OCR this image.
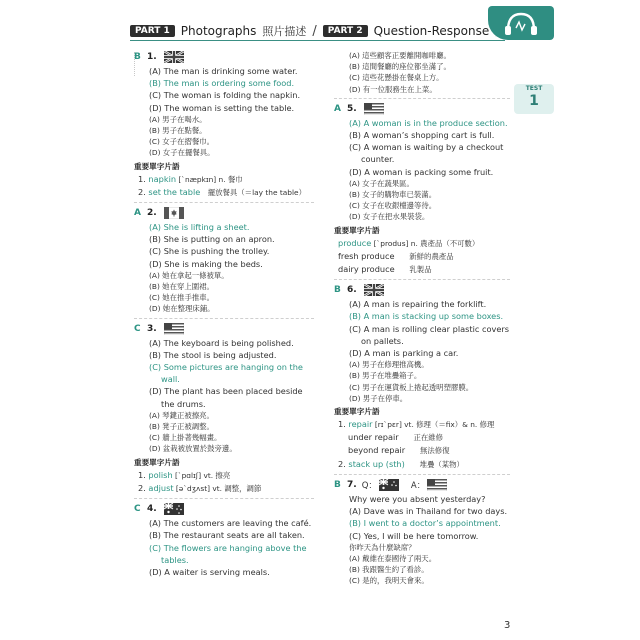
PART 1 Photographs 照片描述 /	PART 2 Question-Response
TEST
1
B 1.
(A) The man is drinking some water.
(B) The man is ordering some food.
(C) The woman is folding the napkin.
(D) The woman is setting the table.
(A) 男子在喝水。
(B) 男子在點餐。
(C) 女子在摺餐巾。
(D) 女子在擺餐具。
重要單字片語
1. napkin [ˋnæpkɪn] n. 餐巾
2. set the table　擺放餐具（＝lay the table）
A 2.
(A) She is lifting a sheet.
(B) She is putting on an apron.
(C) She is pushing the trolley.
(D) She is making the beds.
(A) 她在拿起一條被單。
(B) 她在穿上圍裙。
(C) 她在推手推車。
(D) 她在整理床鋪。
C 3.
(A) The keyboard is being polished.
(B) The stool is being adjusted.
(C) Some pictures are hanging on the
wall.
(D) The plant has been placed beside
the drums.
(A) 琴鍵正被擦亮。
(B) 凳子正被調整。
(C) 牆上掛著幾幅畫。
(D) 盆栽被放置於鼓旁邊。
重要單字片語
1. polish [ˋpɑlɪʃ] vt. 擦亮
2. adjust [əˋdʒʌst] vt. 調整，調節
C 4.
(A) The customers are leaving the café.
(B) The restaurant seats are all taken.
(C) The flowers are hanging above the
tables.
(D) A waiter is serving meals.
(A) 這些顧客正要離開咖啡廳。
(B) 這間餐廳的座位都坐滿了。
(C) 這些花懸掛在餐桌上方。
(D) 有一位服務生在上菜。
A 5.
(A) A woman is in the produce section.
(B) A woman’s shopping cart is full.
(C) A woman is waiting by a checkout
counter.
(D) A woman is packing some fruit.
(A) 女子在蔬果區。
(B) 女子的購物車已裝滿。
(C) 女子在收銀檯邊等待。
(D) 女子在把水果裝袋。
重要單字片語
produce [ˋprodus] n. 農產品（不可數）
fresh produce　　新鮮的農產品
dairy produce　　乳製品
B 6.
(A) A man is repairing the forklift.
(B) A man is stacking up some boxes.
(C) A man is rolling clear plastic covers
on pallets.
(D) A man is parking a car.
(A) 男子在修理推高機。
(B) 男子在堆疊箱子。
(C) 男子在運貨板上捲起透明塑膠膜。
(D) 男子在停車。
重要單字片語
1. repair [rɪˋpɛr] vt. 修理（＝fix）& n. 修理
under repair　　正在維修
beyond repair　　無法修復
2. stack up (sth)　　堆疊（某物）
B 7. Q：	A：
Why were you absent yesterday?
(A) Dave was in Thailand for two days.
(B) I went to a doctor’s appointment.
(C) Yes, I will be here tomorrow.
你昨天為什麼缺席？
(A) 戴維在泰國待了兩天。
(B) 我跟醫生約了看診。
(C) 是的，我明天會來。
3
